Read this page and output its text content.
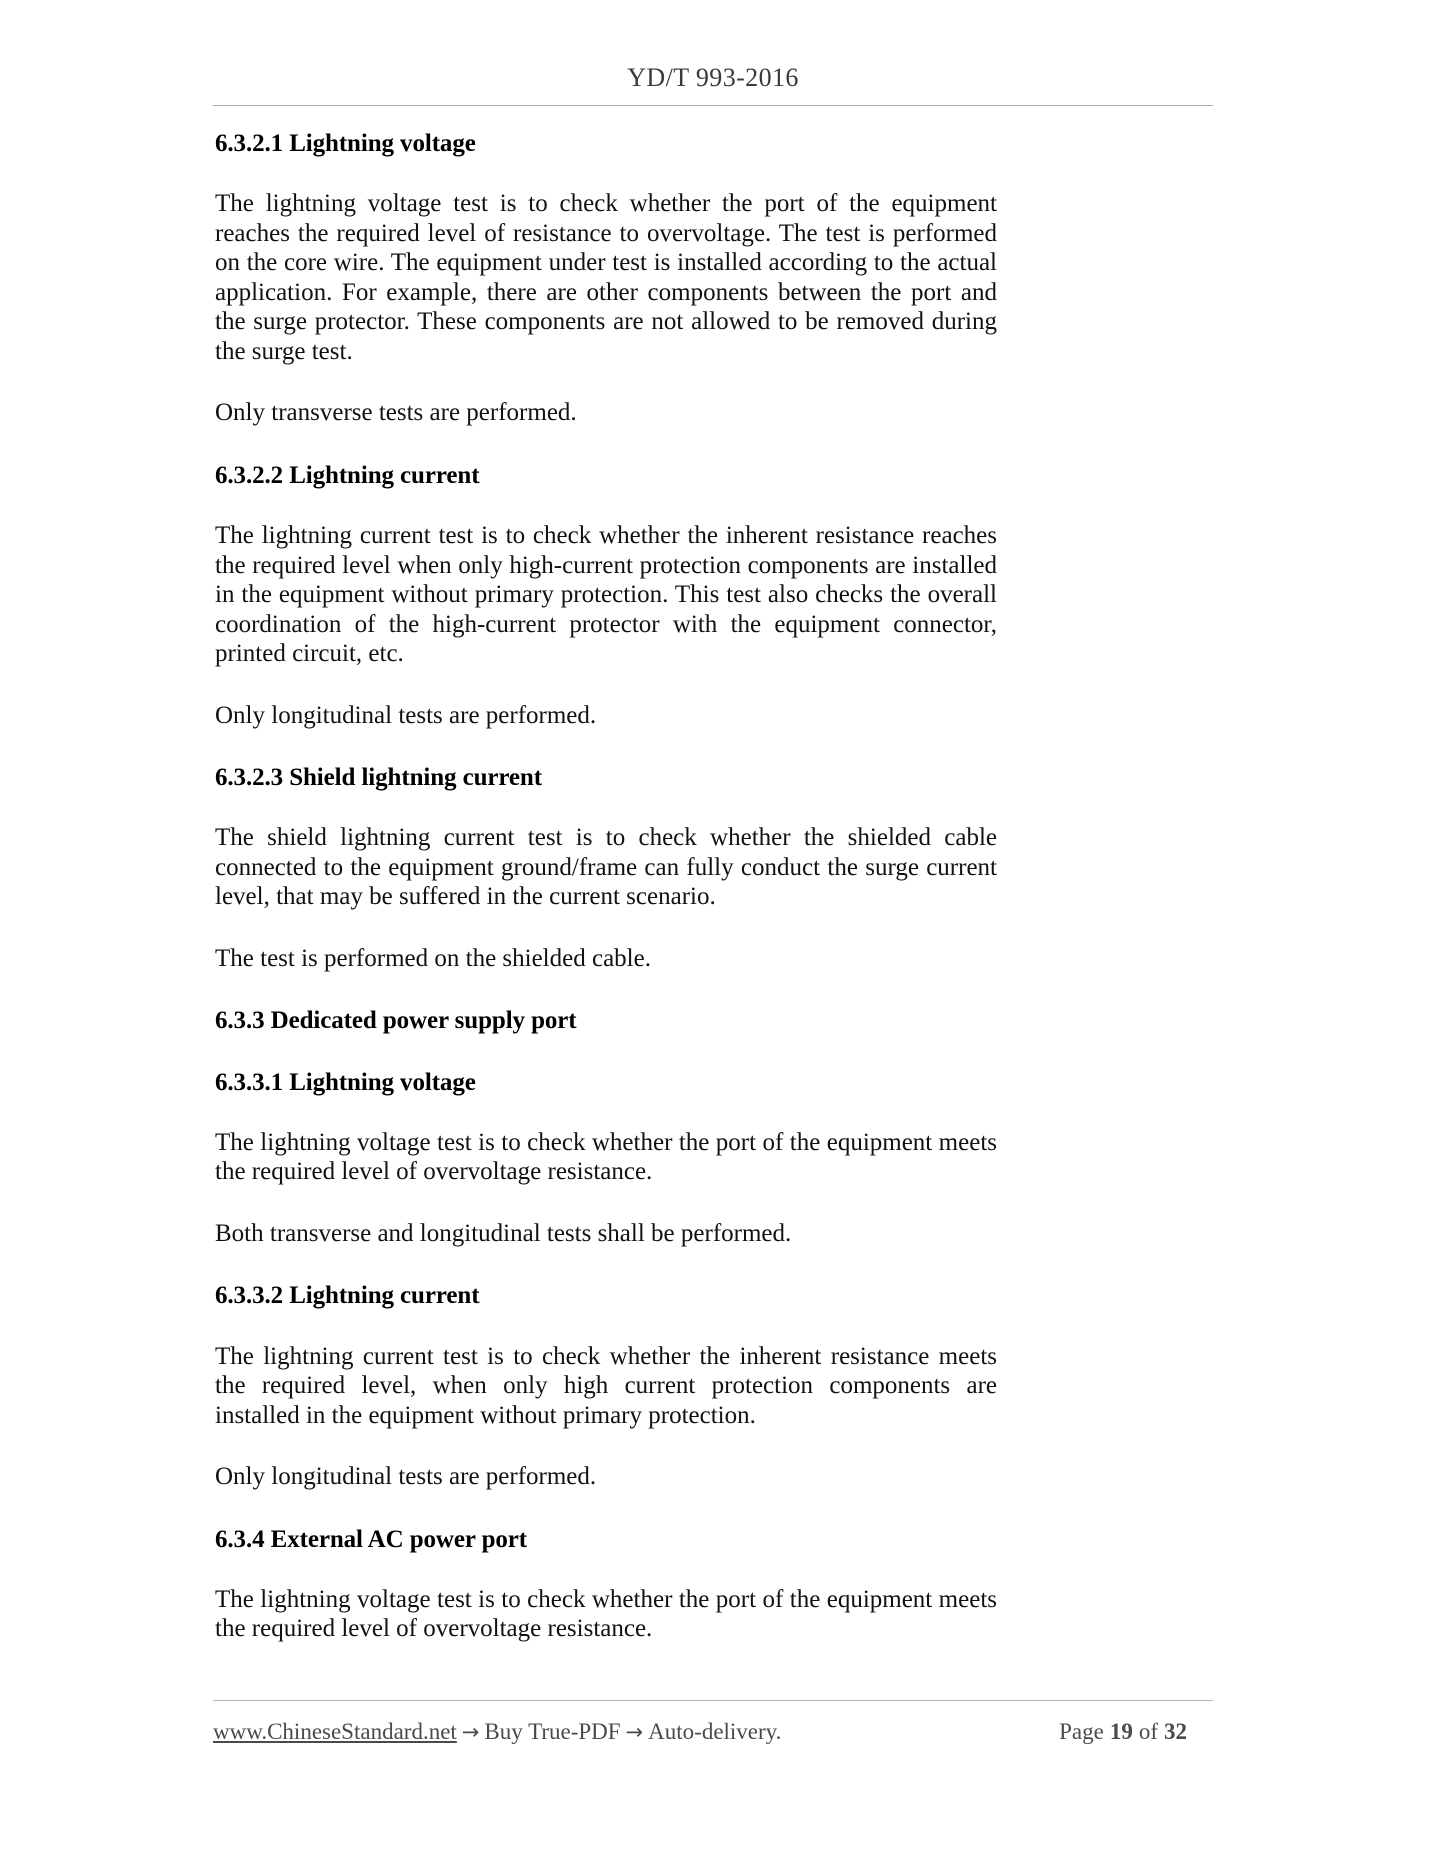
YD/T 993-2016
6.3.2.1 Lightning voltage

The lightning voltage test is to check whether the port of the equipment reaches the required level of resistance to overvoltage. The test is performed on the core wire. The equipment under test is installed according to the actual application. For example, there are other components between the port and the surge protector. These components are not allowed to be removed during the surge test.

Only transverse tests are performed.

6.3.2.2 Lightning current

The lightning current test is to check whether the inherent resistance reaches the required level when only high-current protection components are installed in the equipment without primary protection. This test also checks the overall coordination of the high-current protector with the equipment connector, printed circuit, etc.

Only longitudinal tests are performed.

6.3.2.3 Shield lightning current

The shield lightning current test is to check whether the shielded cable connected to the equipment ground/frame can fully conduct the surge current level, that may be suffered in the current scenario.

The test is performed on the shielded cable.

6.3.3 Dedicated power supply port
6.3.3.1 Lightning voltage

The lightning voltage test is to check whether the port of the equipment meets the required level of overvoltage resistance.

Both transverse and longitudinal tests shall be performed.

6.3.3.2 Lightning current

The lightning current test is to check whether the inherent resistance meets the required level, when only high current protection components are installed in the equipment without primary protection.

Only longitudinal tests are performed.

6.3.4 External AC power port

The lightning voltage test is to check whether the port of the equipment meets the required level of overvoltage resistance.

www.ChineseStandard.net → Buy True-PDF → Auto-delivery.	Page 19 of 32
